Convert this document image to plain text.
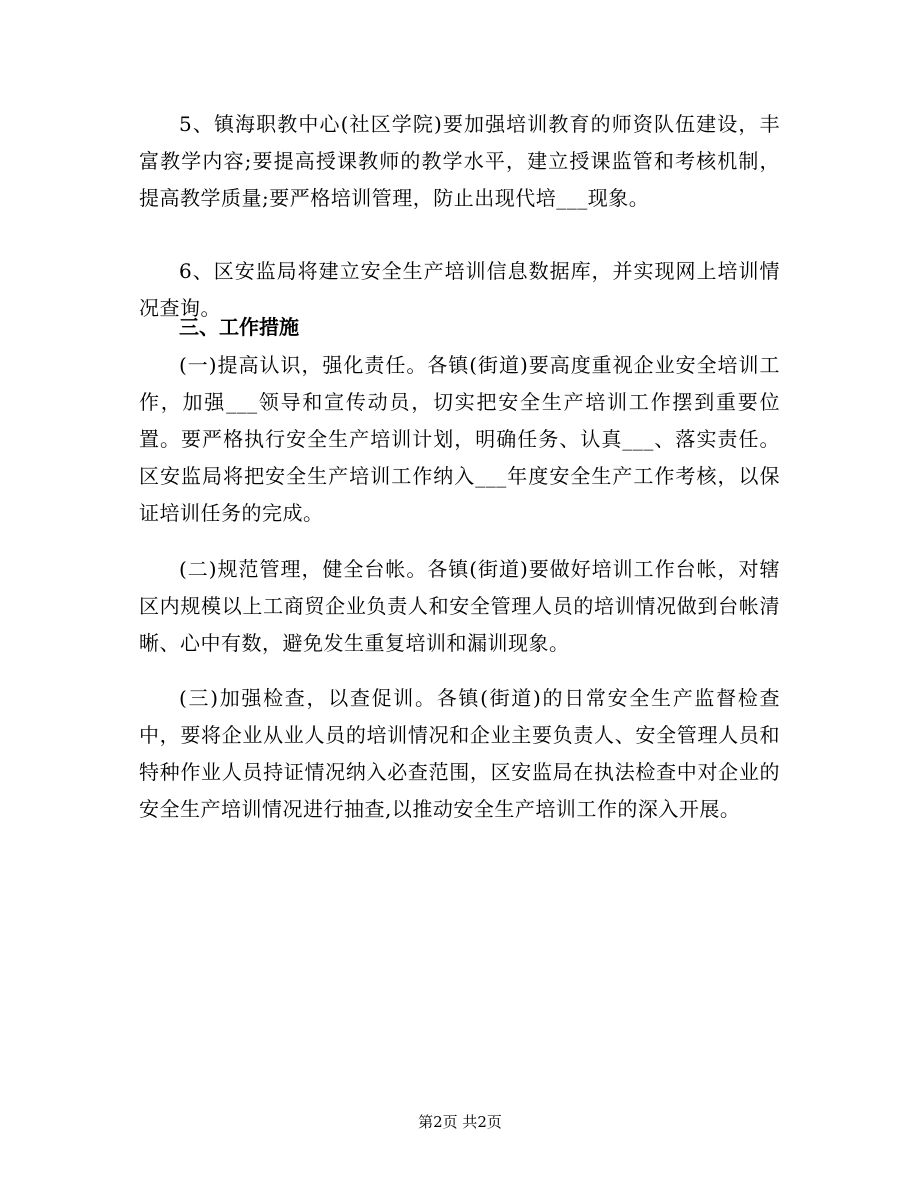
5、镇海职教中心(社区学院)要加强培训教育的师资队伍建设，丰富教学内容;要提高授课教师的教学水平，建立授课监管和考核机制，提高教学质量;要严格培训管理，防止出现代培___现象。

6、区安监局将建立安全生产培训信息数据库，并实现网上培训情况查询。

三、工作措施

(一)提高认识，强化责任。各镇(街道)要高度重视企业安全培训工作，加强___领导和宣传动员，切实把安全生产培训工作摆到重要位置。要严格执行安全生产培训计划，明确任务、认真___、落实责任。区安监局将把安全生产培训工作纳入___年度安全生产工作考核，以保证培训任务的完成。

(二)规范管理，健全台帐。各镇(街道)要做好培训工作台帐，对辖区内规模以上工商贸企业负责人和安全管理人员的培训情况做到台帐清晰、心中有数，避免发生重复培训和漏训现象。

(三)加强检查，以查促训。各镇(街道)的日常安全生产监督检查中，要将企业从业人员的培训情况和企业主要负责人、安全管理人员和特种作业人员持证情况纳入必查范围，区安监局在执法检查中对企业的安全生产培训情况进行抽查,以推动安全生产培训工作的深入开展。

第2页 共2页
